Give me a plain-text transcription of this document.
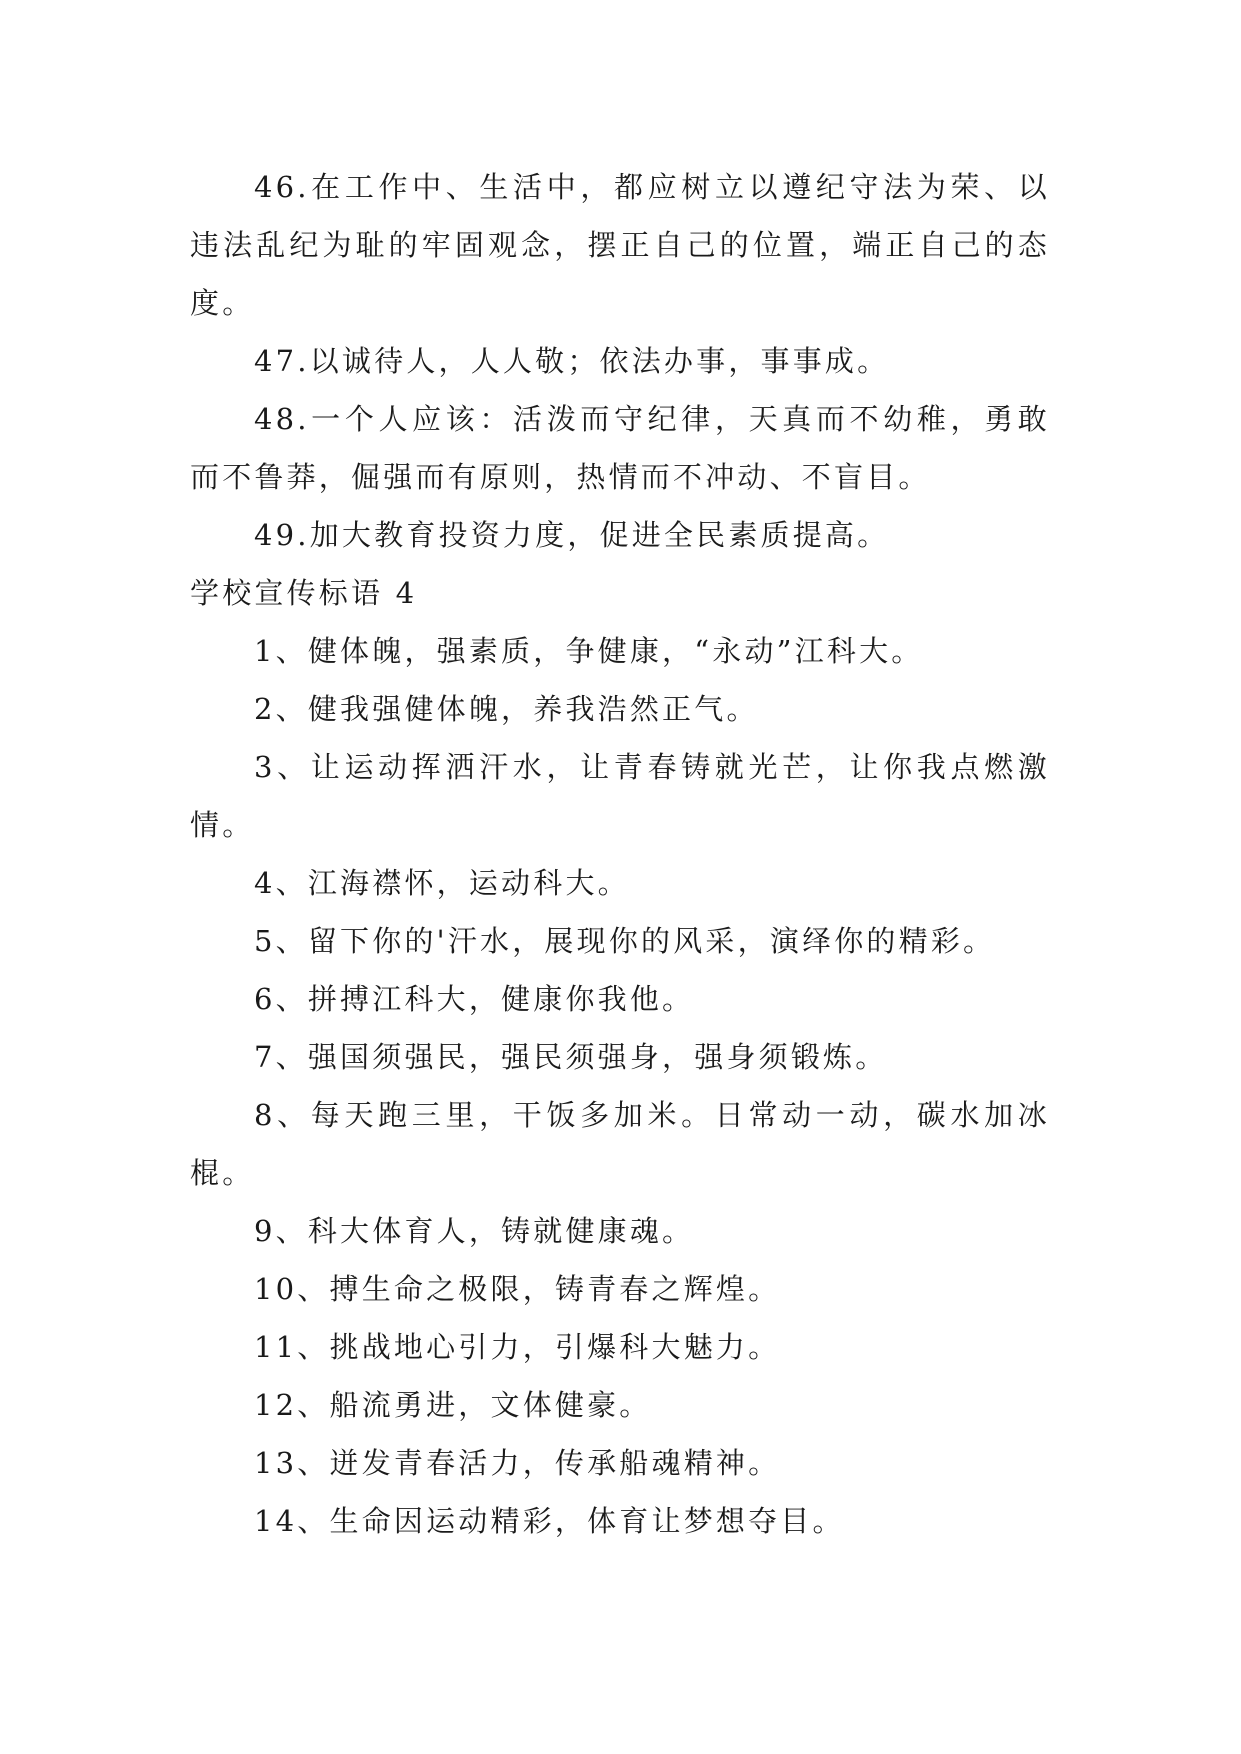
46.在工作中、生活中，都应树立以遵纪守法为荣、以违法乱纪为耻的牢固观念，摆正自己的位置，端正自己的态度。

47.以诚待人，人人敬；依法办事，事事成。

48.一个人应该：活泼而守纪律，天真而不幼稚，勇敢而不鲁莽，倔强而有原则，热情而不冲动、不盲目。

49.加大教育投资力度，促进全民素质提高。

学校宣传标语 4

1、健体魄，强素质，争健康，“永动”江科大。

2、健我强健体魄，养我浩然正气。

3、让运动挥洒汗水，让青春铸就光芒，让你我点燃激情。

4、江海襟怀，运动科大。

5、留下你的'汗水，展现你的风采，演绎你的精彩。

6、拼搏江科大，健康你我他。

7、强国须强民，强民须强身，强身须锻炼。

8、每天跑三里，干饭多加米。日常动一动，碳水加冰棍。

9、科大体育人，铸就健康魂。

10、搏生命之极限，铸青春之辉煌。

11、挑战地心引力，引爆科大魅力。

12、船流勇进，文体健豪。

13、迸发青春活力，传承船魂精神。

14、生命因运动精彩，体育让梦想夺目。
